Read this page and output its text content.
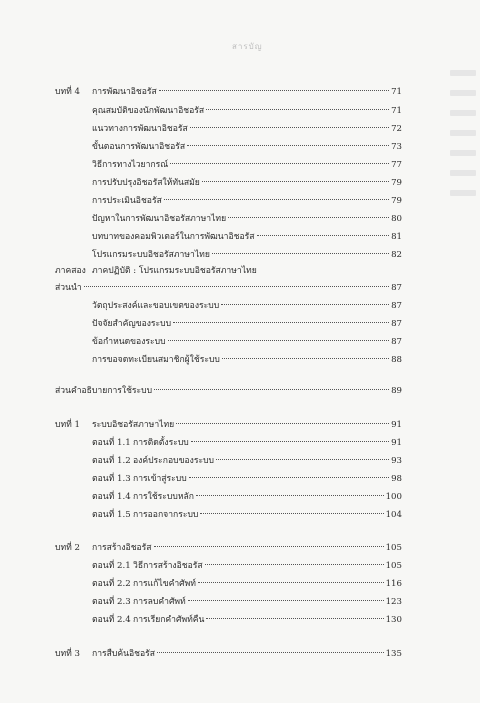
สารบัญ
บทที่ 4 การพัฒนาอิชอรัส	71
คุณสมบัติของนักพัฒนาอิชอรัส	71
แนวทางการพัฒนาอิชอรัส	72
ขั้นตอนการพัฒนาอิชอรัส	73
วิธีการทางไวยากรณ์	77
การปรับปรุงอิชอรัสให้ทันสมัย	79
การประเมินอิชอรัส	79
ปัญหาในการพัฒนาอิชอรัสภาษาไทย	80
บทบาทของคอมพิวเตอร์ในการพัฒนาอิชอรัส	81
โปรแกรมระบบอิชอรัสภาษาไทย	82
ภาคสอง ภาคปฏิบัติ : โปรแกรมระบบอิชอรัสภาษาไทย
ส่วนนำ	87
วัตถุประสงค์และขอบเขตของระบบ	87
ปัจจัยสำคัญของระบบ	87
ข้อกำหนดของระบบ	87
การขอจดทะเบียนสมาชิกผู้ใช้ระบบ	88
ส่วนคำอธิบายการใช้ระบบ	89
บทที่ 1 ระบบอิชอรัสภาษาไทย	91
ตอนที่ 1.1 การติดตั้งระบบ	91
ตอนที่ 1.2 องค์ประกอบของระบบ	93
ตอนที่ 1.3 การเข้าสู่ระบบ	98
ตอนที่ 1.4 การใช้ระบบหลัก	100
ตอนที่ 1.5 การออกจากระบบ	104
บทที่ 2 การสร้างอิชอรัส	105
ตอนที่ 2.1 วิธีการสร้างอิชอรัส	105
ตอนที่ 2.2 การแก้ไขคำศัพท์	116
ตอนที่ 2.3 การลบคำศัพท์	123
ตอนที่ 2.4 การเรียกคำศัพท์คืน	130
บทที่ 3 การสืบค้นอิชอรัส	135
